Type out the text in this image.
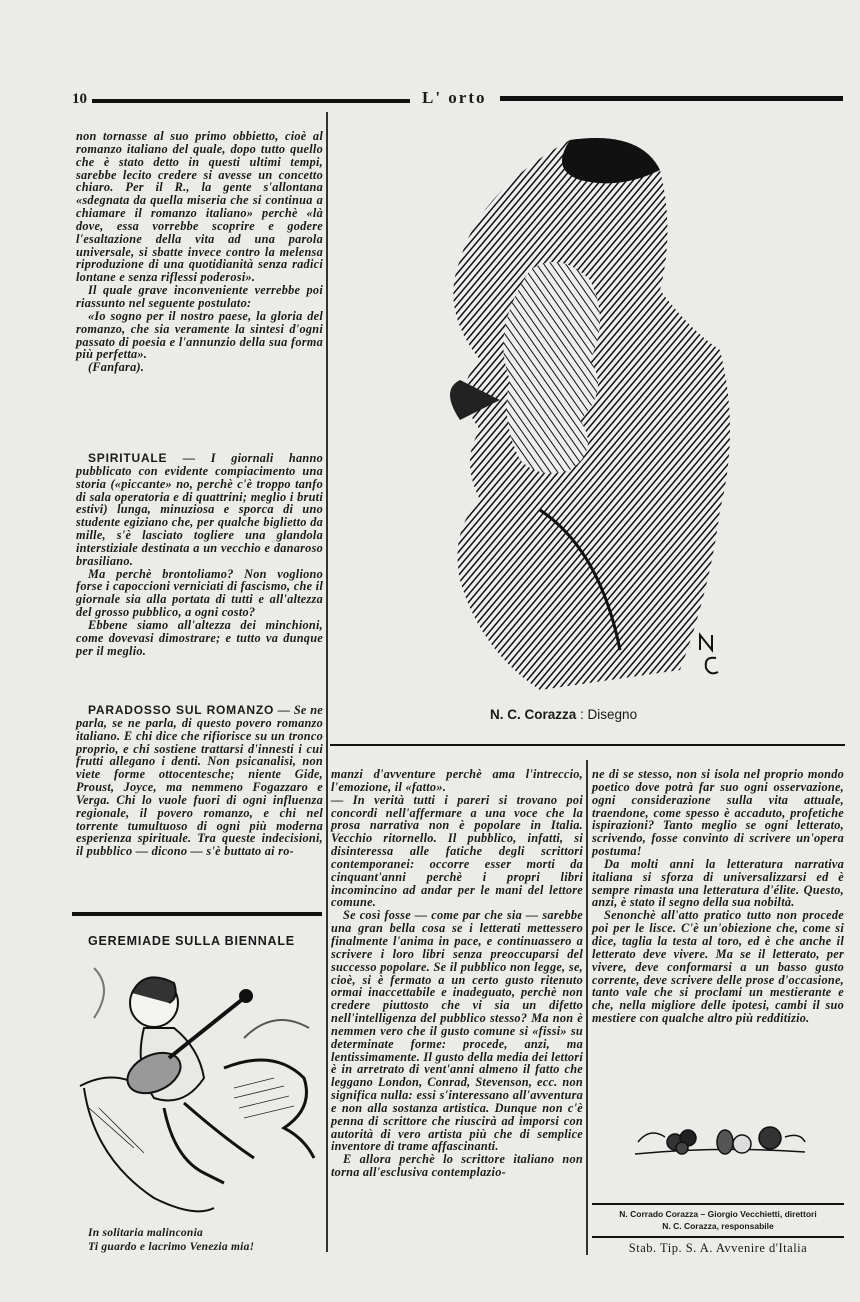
10	L' orto

non tornasse al suo primo obbietto, cioè al romanzo italiano del quale, dopo tutto quello che è stato detto in questi ultimi tempi, sarebbe lecito credere si avesse un concetto chiaro. Per il R., la gente s'allontana «sdegnata da quella miseria che si continua a chiamare il romanzo italiano» perchè «là dove, essa vorrebbe scoprire e godere l'esaltazione della vita ad una parola universale, si sbatte invece contro la melensa riproduzione di una quotidianità senza radici lontane e senza riflessi poderosi».

Il quale grave inconveniente verrebbe poi riassunto nel seguente postulato:

«Io sogno per il nostro paese, la gloria del romanzo, che sia veramente la sintesi d'ogni passato di poesia e l'annunzio della sua forma più perfetta».

(Fanfara).

SPIRITUALE — I giornali hanno pubblicato con evidente compiacimento una storia («piccante» no, perchè c'è troppo tanfo di sala operatoria e di quattrini; meglio i bruti estivi) lunga, minuziosa e sporca di uno studente egiziano che, per qualche biglietto da mille, s'è lasciato togliere una glandola interstiziale destinata a un vecchio e danaroso brasiliano.

Ma perchè brontoliamo? Non vogliono forse i capoccioni verniciati di fascismo, che il giornale sia alla portata di tutti e all'altezza del grosso pubblico, a ogni costo?

Ebbene siamo all'altezza dei minchioni, come dovevasi dimostrare; e tutto va dunque per il meglio.

PARADOSSO SUL ROMANZO — Se ne parla, se ne parla, di questo povero romanzo italiano. E chi dice che rifiorisce su un tronco proprio, e chi sostiene trattarsi d'innesti i cui frutti allegano i denti. Non psicanalisi, non viete forme ottocentesche; niente Gide, Proust, Joyce, ma nemmeno Fogazzaro e Verga. Chi lo vuole fuori di ogni influenza regionale, il povero romanzo, e chi nel torrente tumultuoso di ogni più moderna esperienza spirituale. Tra queste indecisioni, il pubblico — dicono — s'è buttato ai ro-

GEREMIADE SULLA BIENNALE
In solitaria malinconia
Ti guardo e lacrimo Venezia mia!
N. C. Corazza : Disegno

manzi d'avventure perchè ama l'intreccio, l'emozione, il «fatto».

— In verità tutti i pareri si trovano poi concordi nell'affermare a una voce che la prosa narrativa non è popolare in Italia. Vecchio ritornello. Il pubblico, infatti, si disinteressa alle fatiche degli scrittori contemporanei: occorre esser morti da cinquant'anni perchè i propri libri incomincino ad andar per le mani del lettore comune.

Se così fosse — come par che sia — sarebbe una gran bella cosa se i letterati mettessero finalmente l'anima in pace, e continuassero a scrivere i loro libri senza preoccuparsi del successo popolare. Se il pubblico non legge, se, cioè, si è fermato a un certo gusto ritenuto ormai inaccettabile e inadeguato, perchè non credere piuttosto che vi sia un difetto nell'intelligenza del pubblico stesso? Ma non è nemmen vero che il gusto comune si «fissi» su determinate forme: procede, anzi, ma lentissimamente. Il gusto della media dei lettori è in arretrato di vent'anni almeno il fatto che leggano London, Conrad, Stevenson, ecc. non significa nulla: essi s'interessano all'avventura e non alla sostanza artistica. Dunque non c'è penna di scrittore che riuscirà ad imporsi con autorità di vero artista più che di semplice inventore di trame affascinanti.

E allora perchè lo scrittore italiano non torna all'esclusiva contemplazio-

ne di se stesso, non si isola nel proprio mondo poetico dove potrà far suo ogni osservazione, ogni considerazione sulla vita attuale, traendone, come spesso è accaduto, profetiche ispirazioni? Tanto meglio se ogni letterato, scrivendo, fosse convinto di scrivere un'opera postuma!

Da molti anni la letteratura narrativa italiana si sforza di universalizzarsi ed è sempre rimasta una letteratura d'élite. Questo, anzi, è stato il segno della sua nobiltà.

Senonchè all'atto pratico tutto non procede poi per le lisce. C'è un'obiezione che, come si dice, taglia la testa al toro, ed è che anche il letterato deve vivere. Ma se il letterato, per vivere, deve conformarsi a un basso gusto corrente, deve scrivere delle prose d'occasione, tanto vale che si proclami un mestierante e che, nella migliore delle ipotesi, cambi il suo mestiere con qualche altro più redditizio.

N. Corrado Corazza – Giorgio Vecchietti, direttori
N. C. Corazza, responsabile
Stab. Tip. S. A. Avvenire d'Italia
